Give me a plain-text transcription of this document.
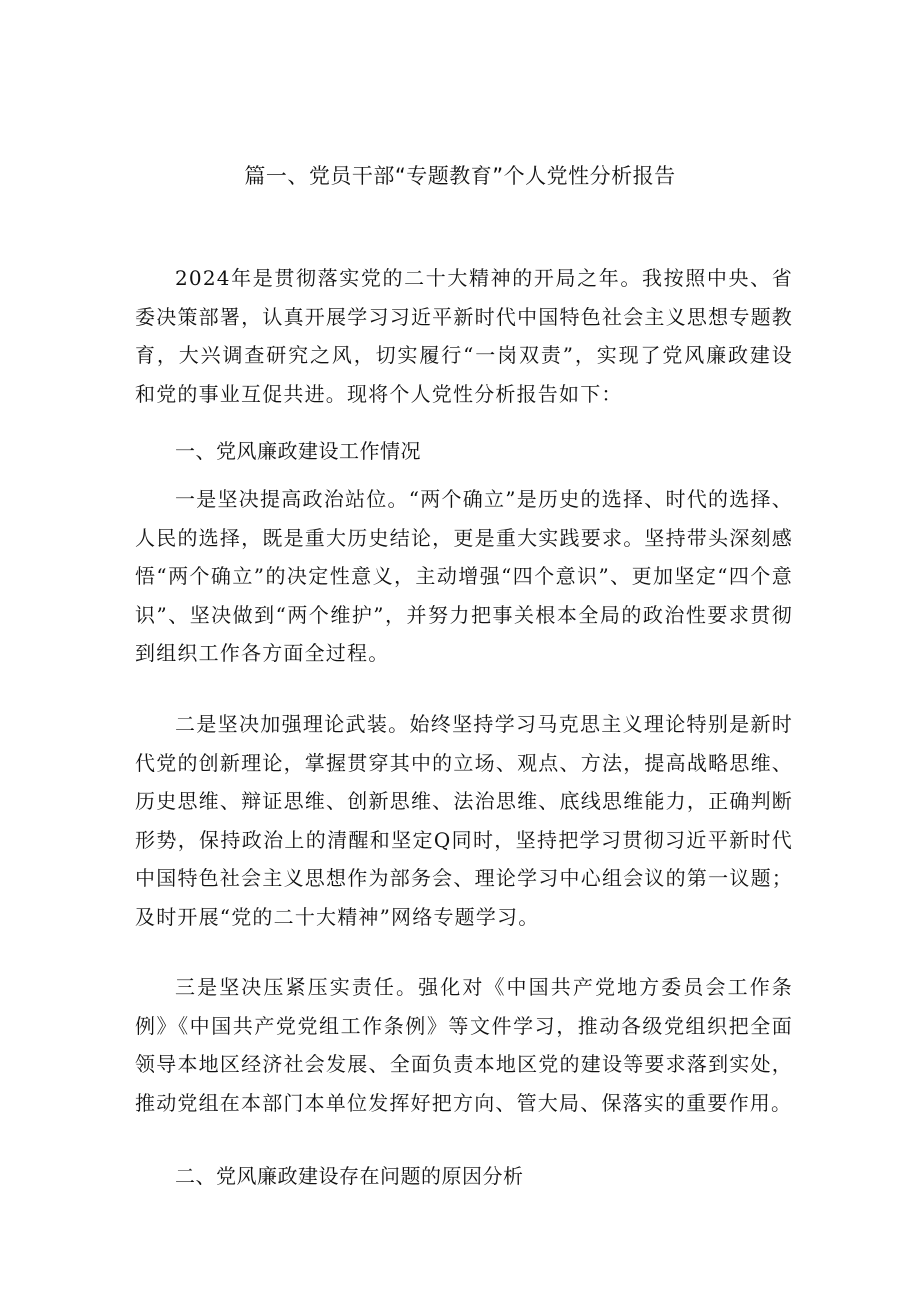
篇一、党员干部“专题教育”个人党性分析报告

2024年是贯彻落实党的二十大精神的开局之年。我按照中央、省委决策部署，认真开展学习习近平新时代中国特色社会主义思想专题教育，大兴调查研究之风，切实履行“一岗双责”，实现了党风廉政建设和党的事业互促共进。现将个人党性分析报告如下：

一、党风廉政建设工作情况

一是坚决提高政治站位。“两个确立”是历史的选择、时代的选择、人民的选择，既是重大历史结论，更是重大实践要求。坚持带头深刻感悟“两个确立”的决定性意义，主动增强“四个意识”、更加坚定“四个意识”、坚决做到“两个维护”，并努力把事关根本全局的政治性要求贯彻到组织工作各方面全过程。

二是坚决加强理论武装。始终坚持学习马克思主义理论特别是新时代党的创新理论，掌握贯穿其中的立场、观点、方法，提高战略思维、历史思维、辩证思维、创新思维、法治思维、底线思维能力，正确判断形势，保持政治上的清醒和坚定Q同时，坚持把学习贯彻习近平新时代中国特色社会主义思想作为部务会、理论学习中心组会议的第一议题；及时开展“党的二十大精神”网络专题学习。

三是坚决压紧压实责任。强化对《中国共产党地方委员会工作条例》《中国共产党党组工作条例》等文件学习，推动各级党组织把全面领导本地区经济社会发展、全面负责本地区党的建设等要求落到实处，推动党组在本部门本单位发挥好把方向、管大局、保落实的重要作用。

二、党风廉政建设存在问题的原因分析
